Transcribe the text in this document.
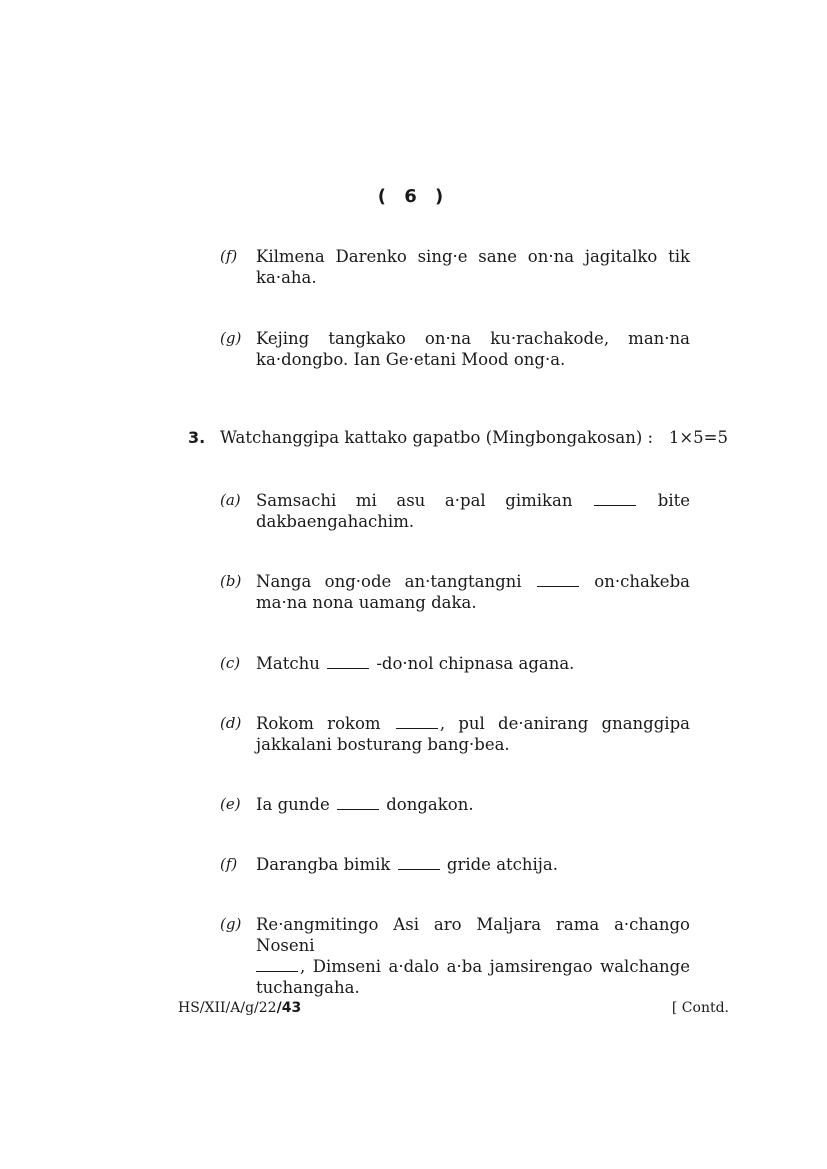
( 6 )
(f)	Kilmena Darenko sing·e sane on·na jagitalko tik
ka·aha.
(g) Kejing tangkako on·na ku·rachakode, man·na
ka·dongbo. Ian Ge·etani Mood ong·a.
3. Watchanggipa kattako gapatbo (Mingbongakosan) : 1×5=5
(a) Samsachi mi asu a·pal gimikan	bite
dakbaengahachim.
(b) Nanga ong·ode an·tangtangni	on·chakeba
ma·na nona uamang daka.
(c) Matchu	-do·nol chipnasa agana.
(d) Rokom rokom	, pul de·anirang gnanggipa
jakkalani bosturang bang·bea.
(e) Ia gunde	dongakon.
(f)	Darangba bimik	gride atchija.
(g) Re·angmitingo Asi aro Maljara rama a·chango Noseni
, Dimseni a·dalo a·ba jamsirengao walchange
tuchangaha.
HS/XII/A/g/22/43	[ Contd.
